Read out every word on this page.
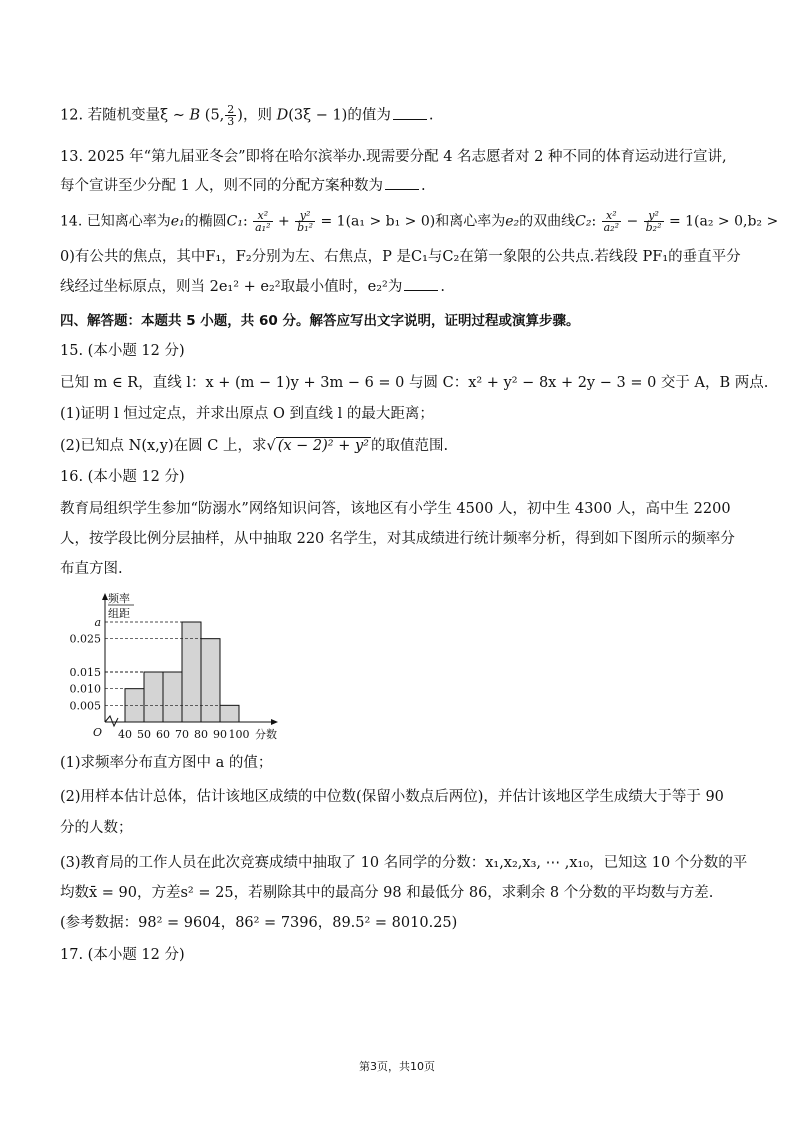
12. 若随机变量ξ ∼ B (5, $\frac{2}{3}$ )，则 D(3ξ − 1)的值为	.
13. 2025 年“第九届亚冬会”即将在哈尔滨举办.现需要分配 4 名志愿者对 2 种不同的体育运动进行宣讲,
每个宣讲至少分配 1 人，则不同的分配方案种数为	.
14. 已知离心率为e₁的椭圆C₁: $\frac{\text{x²}}{\text{a₁²}} + \frac{\text{y²}}{\text{b₁²}} = 1(a_1 > b_1 > 0)$和离心率为e₂的双曲线C₂: $\frac{\text{x²}}{\text{a₂²}} - \frac{\text{y²}}{\text{b₂²}} = 1(a_2 > 0,b_2$ >
0)有公共的焦点，其中F₁，F₂分别为左、右焦点，P 是C₁与C₂在第一象限的公共点.若线段 PF₁的垂直平分
线经过坐标原点，则当 2e₁² + e₂²取最小值时，e₂²为	.
四、解答题：本题共 5 小题，共 60 分。解答应写出文字说明，证明过程或演算步骤。
15. (本小题 12 分)
已知 m ∈ R，直线 l：x + (m − 1)y + 3m − 6 = 0 与圆 C：x² + y² − 8x + 2y − 3 = 0 交于 A，B 两点.
(1)证明 l 恒过定点，并求出原点 O 到直线 l 的最大距离；
(2)已知点 N(x,y)在圆 C 上，求√ (x − 2)² + y² 的取值范围.
16. (本小题 12 分)
教育局组织学生参加“防溺水”网络知识问答，该地区有小学生 4500 人，初中生 4300 人，高中生 2200
人，按学段比例分层抽样，从中抽取 220 名学生，对其成绩进行统计频率分析，得到如下图所示的频率分
布直方图.
频率
组距
O	分数
0.005
0.010
0.015
0.025
a
40 50 60 70 80 90 100
(1)求频率分布直方图中 a 的值；
(2)用样本估计总体，估计该地区成绩的中位数(保留小数点后两位)，并估计该地区学生成绩大于等于 90
分的人数；
(3)教育局的工作人员在此次竞赛成绩中抽取了 10 名同学的分数：x₁,x₂,x₃, ⋯ ,x₁₀，已知这 10 个分数的平
均数x̄ = 90，方差s² = 25，若剔除其中的最高分 98 和最低分 86，求剩余 8 个分数的平均数与方差.
(参考数据：98² = 9604，86² = 7396，89.5² = 8010.25)
17. (本小题 12 分)
第3页，共10页
